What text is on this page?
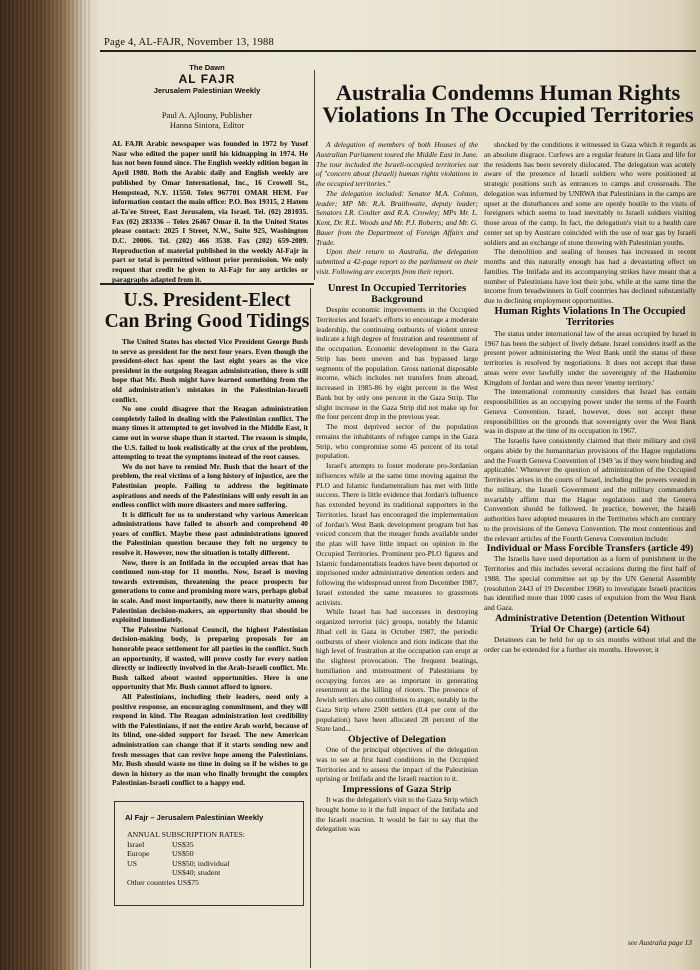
Page 4, AL-FAJR, November 13, 1988
The Dawn
AL FAJR
Jerusalem Palestinian Weekly
Paul A. Ajlouny, Publisher
Hanna Siniora, Editor
AL FAJR Arabic newspaper was founded in 1972 by Yusef Nasr who edited the paper until his kidnapping in 1974. He has not been found since. The English weekly edition began in April 1980. Both the Arabic daily and English weekly are published by Omar International, Inc., 16 Crowell St., Hempstead, N.Y. 11550. Telex 967701 OMAR HEM. For information contact the main office: P.O. Box 19315, 2 Hatem al-Ta'ee Street, East Jerusalem, via Israel. Tel. (02) 281035. Fax (02) 283336 – Telex 26467 Omar il. In the United States please contact: 2025 I Street, N.W., Suite 925, Washington D.C. 20006. Tel. (202) 466 3538. Fax (202) 659-2089. Reproduction of material published in the weekly Al-Fajr in part or total is permitted without prior permission. We only request that credit be given to Al-Fajr for any articles or paragraphs adapted from it.
Australia Condemns Human Rights Violations In The Occupied Territories
U.S. President-Elect Can Bring Good Tidings

The United States has elected Vice President George Bush to serve as president for the next four years. Even though the president-elect has spent the last eight years as the vice president in the outgoing Reagan administration, there is still hope that Mr. Bush might have learned something from the old administration's mistakes in the Palestinian-Israeli conflict.

No one could disagree that the Reagan administration completely failed in dealing with the Palestinian conflict. The many times it attempted to get involved in the Middle East, it came out in worse shape than it started. The reason is simple, the U.S. failed to look realistically at the crux of the problem, attempting to treat the symptoms instead of the root causes.

We do not have to remind Mr. Bush that the heart of the problem, the real victims of a long history of injustice, are the Palestinian people. Failing to address the legitimate aspirations and needs of the Palestinians will only result in an endless conflict with more disasters and more suffering.

It is difficult for us to understand why various American administrations have failed to absorb and comprehend 40 years of conflict. Maybe these past administrations ignored the Palestinian question because they felt no urgency to resolve it. However, now the situation is totally different.

Now, there is an Intifada in the occupied areas that has continued non-stop for 11 months. Now, Israel is moving towards extremism, threatening the peace prospects for generations to come and promising more wars, perhaps global in scale. And most importantly, now there is maturity among Palestinian decision-makers, an opportunity that should be exploited immediately.

The Palestine National Council, the highest Palestinian decision-making body, is preparing proposals for an honorable peace settlement for all parties in the conflict. Such an opportunity, if wasted, will prove costly for every nation directly or indirectly involved in the Arab-Israeli conflict. Mr. Bush talked about wasted opportunities. Here is one opportunity that Mr. Bush cannot afford to ignore.

All Palestinians, including their leaders, need only a positive response, an encouraging commitment, and they will respond in kind. The Reagan administration lost credibility with the Palestinians, if not the entire Arab world, because of its blind, one-sided support for Israel. The new American administration can change that if it starts sending new and fresh messages that can revive hope among the Palestinians. Mr. Bush should waste no time in doing so if he wishes to go down in history as the man who finally brought the complex Palestinian-Israeli conflict to a happy end.

Al Fajr – Jerusalem Palestinian Weekly
ANNUAL SUBSCRIPTION RATES:
Israel	US$35
Europe	US$50
US	US$50; individual
US$40; student
Other countries US$75

A delegation of members of both Houses of the Australian Parliament toured the Middle East in June. The tour included the Israeli-occupied territories out of "concern about (Israeli) human rights violations in the occupied territories."

The delegation included: Senator M.A. Colston, leader; MP Mr. R.A. Braithwaite, deputy leader; Senators I.R. Coulter and R.A. Crowley; MPs Mr. L. Kent, Dr. R.L. Woods and Mr. P.J. Roberts; and Mr. G. Bauer from the Department of Foreign Affairs and Trade.

Upon their return to Australia, the delegation submitted a 42-page report to the parliament on their visit. Following are excerpts from their report.

Unrest In Occupied Territories

Background

Despite economic improvements in the Occupied Territories and Israel's efforts to encourage a moderate leadership, the continuing outbursts of violent unrest indicate a high degree of frustration and resentment of the occupation. Economic development in the Gaza Strip has been uneven and has bypassed large segments of the population. Gross national disposable income, which includes net transfers from abroad, increased in 1985-86 by eight percent in the West Bank but by only one percent in the Gaza Strip. The slight increase in the Gaza Strip did not make up for the four percent drop in the previous year.

The most deprived sector of the population remains the inhabitants of refugee camps in the Gaza Strip, who compromise some 45 percent of its total population.

Israel's attempts to foster moderate pro-Jordanian influences while at the same time moving against the PLO and Islamic fundamentalism has met with little success. There is little evidence that Jordan's influence has extended beyond its traditional supporters in the Territories. Israel has encouraged the implementation of Jordan's West Bank development program but has voiced concern that the meager funds available under the plan will have little impact on opinion in the Occupied Territories. Prominent pro-PLO figures and Islamic fundamentalists leaders have been deported or imprisoned under administrative detention orders and following the widespread unrest from December 1987, Israel extended the same measures to grassroots activists.

While Israel has had successes in destroying organized terrorist (sic) groups, notably the Islamic Jihad cell in Gaza in October 1987, the periodic outbursts of sheer violence and riots indicate that the high level of frustration at the occupation can erupt at the slightest provocation. The frequent beatings, humiliation and mistreatment of Palestinians by occupying forces are as important in generating resentment as the killing of rioters. The presence of Jewish settlers also contributes to anger, notably in the Gaza Strip where 2500 settlers (0.4 per cent of the population) have been allocated 28 percent of the State land...

Objective of Delegation

One of the principal objectives of the delegation was to see at first hand conditions in the Occupied Territories and to assess the impact of the Palestinian uprising or Intifada and the Israeli reaction to it.

Impressions of Gaza Strip

It was the delegation's visit to the Gaza Strip which brought home to it the full impact of the Intifada and the Israeli reaction. It would be fair to say that the delegation was

shocked by the conditions it witnessed in Gaza which it regards as an absolute disgrace. Curfews are a regular feature in Gaza and life for the residents has been severely dislocated. The delegation was acutely aware of the presence of Israeli soldiers who were positioned at strategic positions such as entrances to camps and crossroads. The delegation was informed by UNRWA that Palestinians in the camps are upset at the disturbances and some are openly hostile to the visits of foreigners which seems to lead inevitably to Israeli soldiers visiting those areas of the camp. In fact, the delegation's visit to a health care center set up by Austcare coincided with the use of tear gas by Israeli soldiers and an exchange of stone throwing with Palestinian youths.

The demolition and sealing of houses has increased in recent months and this naturally enough has had a devastating effect on families. The Intifada and its accompanying strikes have meant that a number of Palestinians have lost their jobs, while at the same time the income from breadwinners in Gulf countries has declined substantially due to declining employment opportunities.

Human Rights Violations In The Occupied Territories

The status under international law of the areas occupied by Israel in 1967 has been the subject of lively debate. Israel considers itself as the present power administering the West Bank until the status of these territories is resolved by negotiations. It does not accept that these areas were ever lawfully under the sovereignty of the Hashemite Kingdom of Jordan and were thus never 'enemy territory.'

The international community considers that Israel has certain responsibilities as an occupying power under the terms of the Fourth Geneva Convention. Israel, however, does not accept these responsibilities on the grounds that sovereignty over the West Bank was in dispute at the time of its occupation in 1967.

The Israelis have consistently claimed that their military and civil organs abide by the humanitarian provisions of the Hague regulations and the Fourth Geneva Convention of 1949 'as if they were binding and applicable.' Whenever the question of administration of the Occupied Territories arises in the courts of Israel, including the powers vested in the military, the Israeli Government and the military commanders invariably affirm that the Hague regulations and the Geneva Convention should be followed. In practice, however, the Israeli authorities have adopted measures in the Territories which are contrary to the provisions of the Geneva Convention. The most contentious and the relevant articles of the Fourth Geneva Convention include:

Individual or Mass Forcible Transfers (article 49)

The Israelis have used deportation as a form of punishment in the Territories and this includes several occasions during the first half of 1988. The special committee set up by the UN General Assembly (resolution 2443 of 19 December 1968) to investigate Israeli practices has identified more than 1000 cases of expulsion from the West Bank and Gaza.

Administrative Detention (Detention Without Trial Or Charge) (article 64)

Detainees can be held for up to six months without trial and the order can be extended for a further six months. However, it

see Australia page 13
